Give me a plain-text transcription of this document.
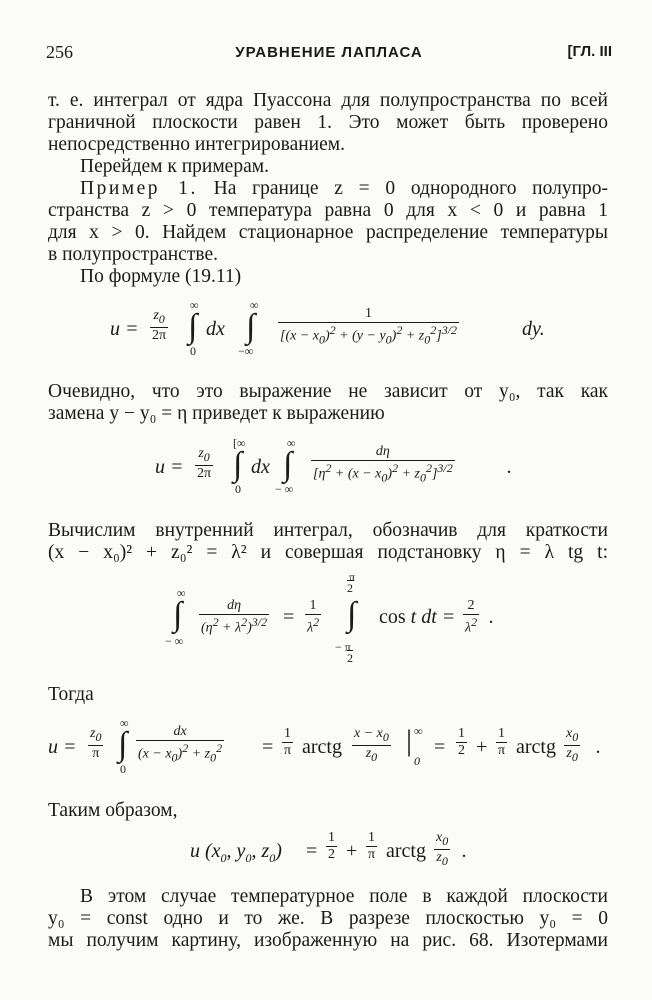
256	УРАВНЕНИЕ ЛАПЛАСА	[ГЛ. III
т. е. интеграл от ядра Пуассона для полупространства по всей
граничной плоскости равен 1. Это может быть проверено
непосредственно интегрированием.
Перейдем к примерам.
Пример 1. На границе z = 0 однородного полупро-
странства z > 0 температура равна 0 для x < 0 и равна 1
для x > 0. Найдем стационарное распределение температуры
в полупространстве.
По формуле (19.11)
$u = \frac{z_0}{2\pi}$
∞
∫
0
dx
∞
∫
−∞
$\frac{1}{[(x - x_0)^2 + (y - y_0)^2 + z_0^2]^{3/2}}$	dy.
Очевидно, что это выражение не зависит от y₀, так как
замена y − y₀ = η приведет к выражению
$u = \frac{z_0}{2\pi}$
[∞
∫
0
dx
∞
∫
− ∞
$\frac{d\eta}{[\eta^2 + (x - x_0)^2 + z_0^2]^{3/2}}$	.
Вычислим внутренний интеграл, обозначив для краткости
(x − x₀)² + z₀² = λ² и совершая подстановку η = λ tg t:
∞
∫
− ∞
$\frac{d\eta}{(\eta^2 + \lambda^2)^{3/2}} = \frac{1}{\lambda^2}$
π
2
∫
− π
2
cos t dt = $\frac{2}{\lambda^2}$ .
Тогда
$u = \frac{z_0}{\pi}$
∞
∫
0
$\frac{dx}{(x - x_0)^2 + z_0^2} = \frac{1}{\pi}$ arctg $\frac{x - x_0}{z_0}$ | ∞
0
= $\frac{1}{2} + \frac{1}{\pi}$ arctg $\frac{x_0}{z_0}$ .
Таким образом,
u ($x_0$, $y_0$, $z_0) = \frac{1}{2} + \frac{1}{\pi}$ arctg $\frac{x_0}{z_0}$ .
В этом случае температурное поле в каждой плоскости
y₀ = const одно и то же. В разрезе плоскостью y₀ = 0
мы получим картину, изображенную на рис. 68. Изотермами
